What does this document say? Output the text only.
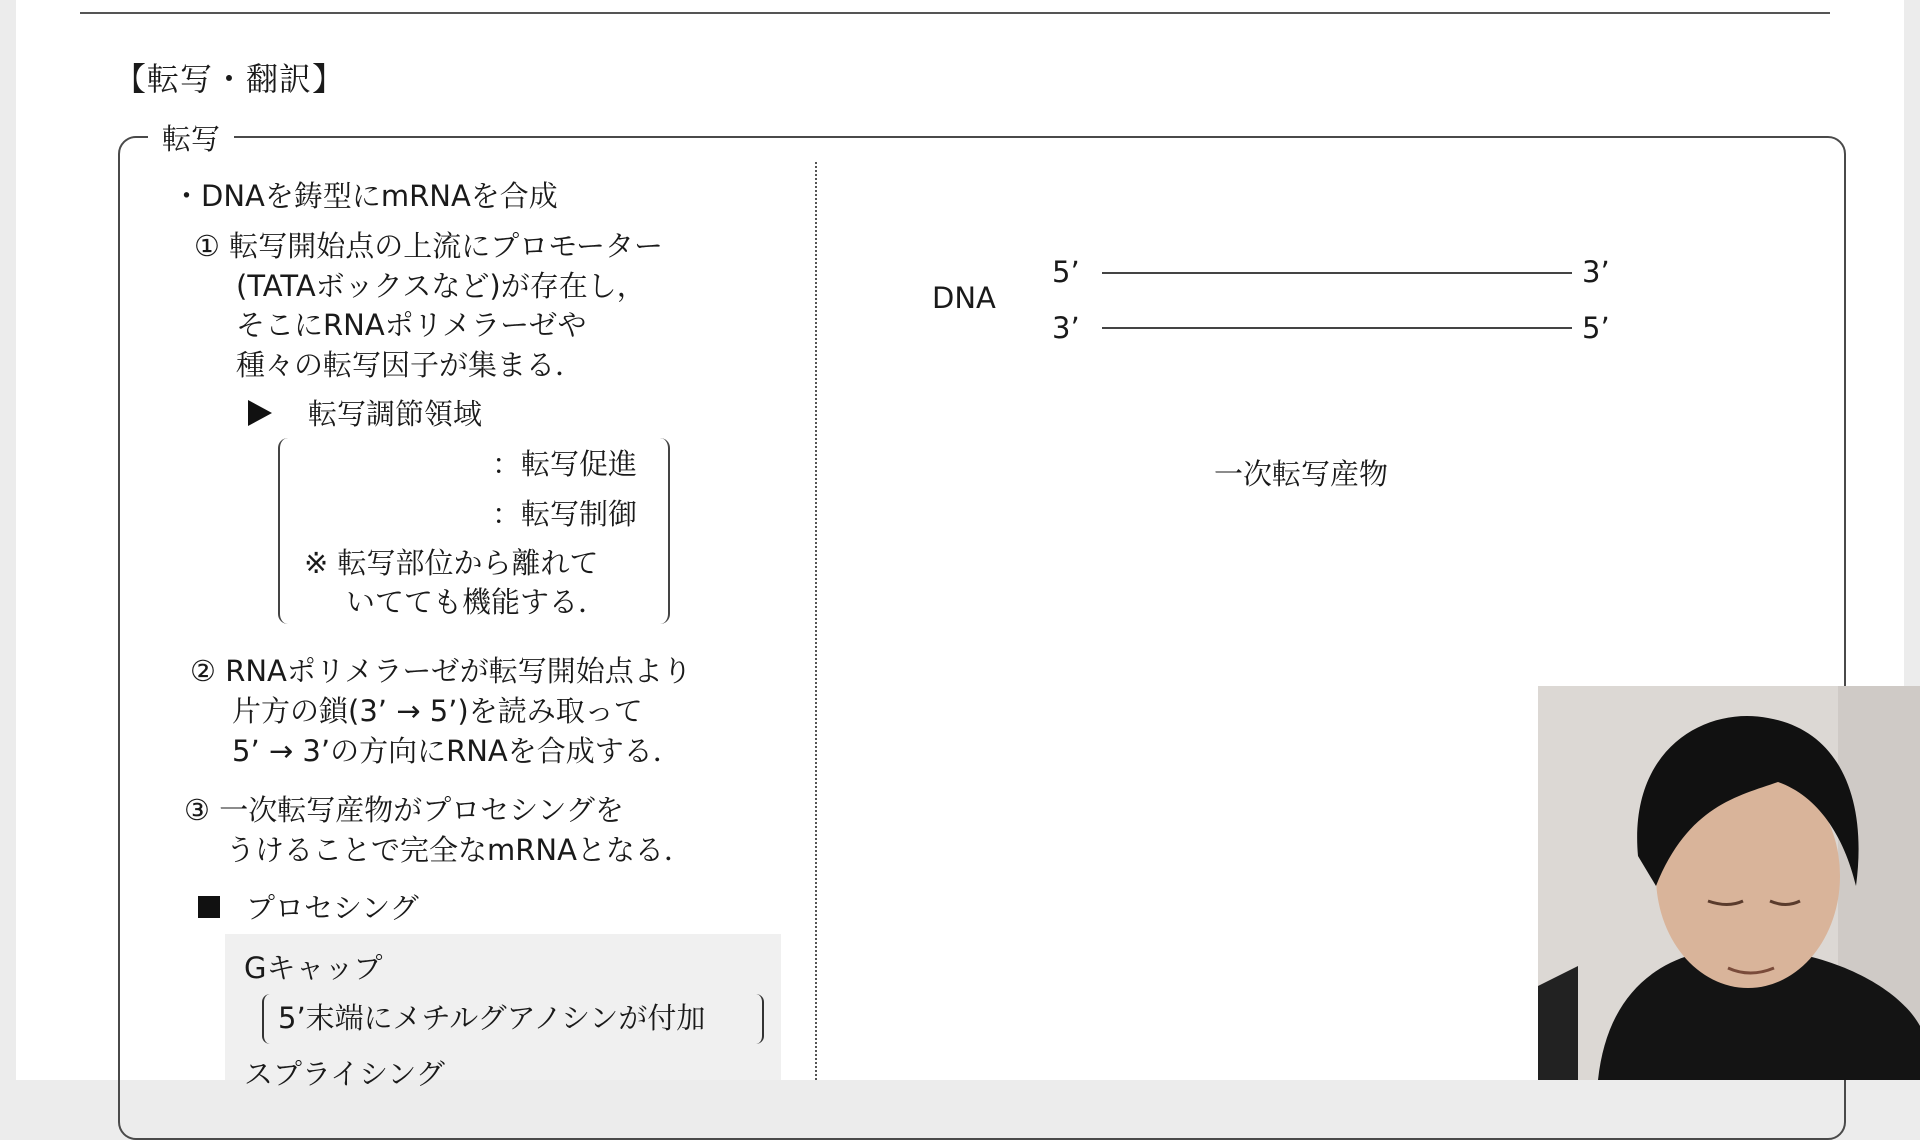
【転写・翻訳】
転写
・DNAを鋳型にmRNAを合成
① 転写開始点の上流にプロモーター
(TATAボックスなど)が存在し，
そこにRNAポリメラーゼや
種々の転写因子が集まる．
転写調節領域
：転写促進
：転写制御
※ 転写部位から離れて
いてても機能する．
② RNAポリメラーゼが転写開始点より
片方の鎖(3’ → 5’)を読み取って
5’ → 3’の方向にRNAを合成する．
③ 一次転写産物がプロセシングを
うけることで完全なmRNAとなる．
プロセシング
Gキャップ
5’末端にメチルグアノシンが付加
スプライシング
DNA
5’	3’
3’	5’
一次転写産物
